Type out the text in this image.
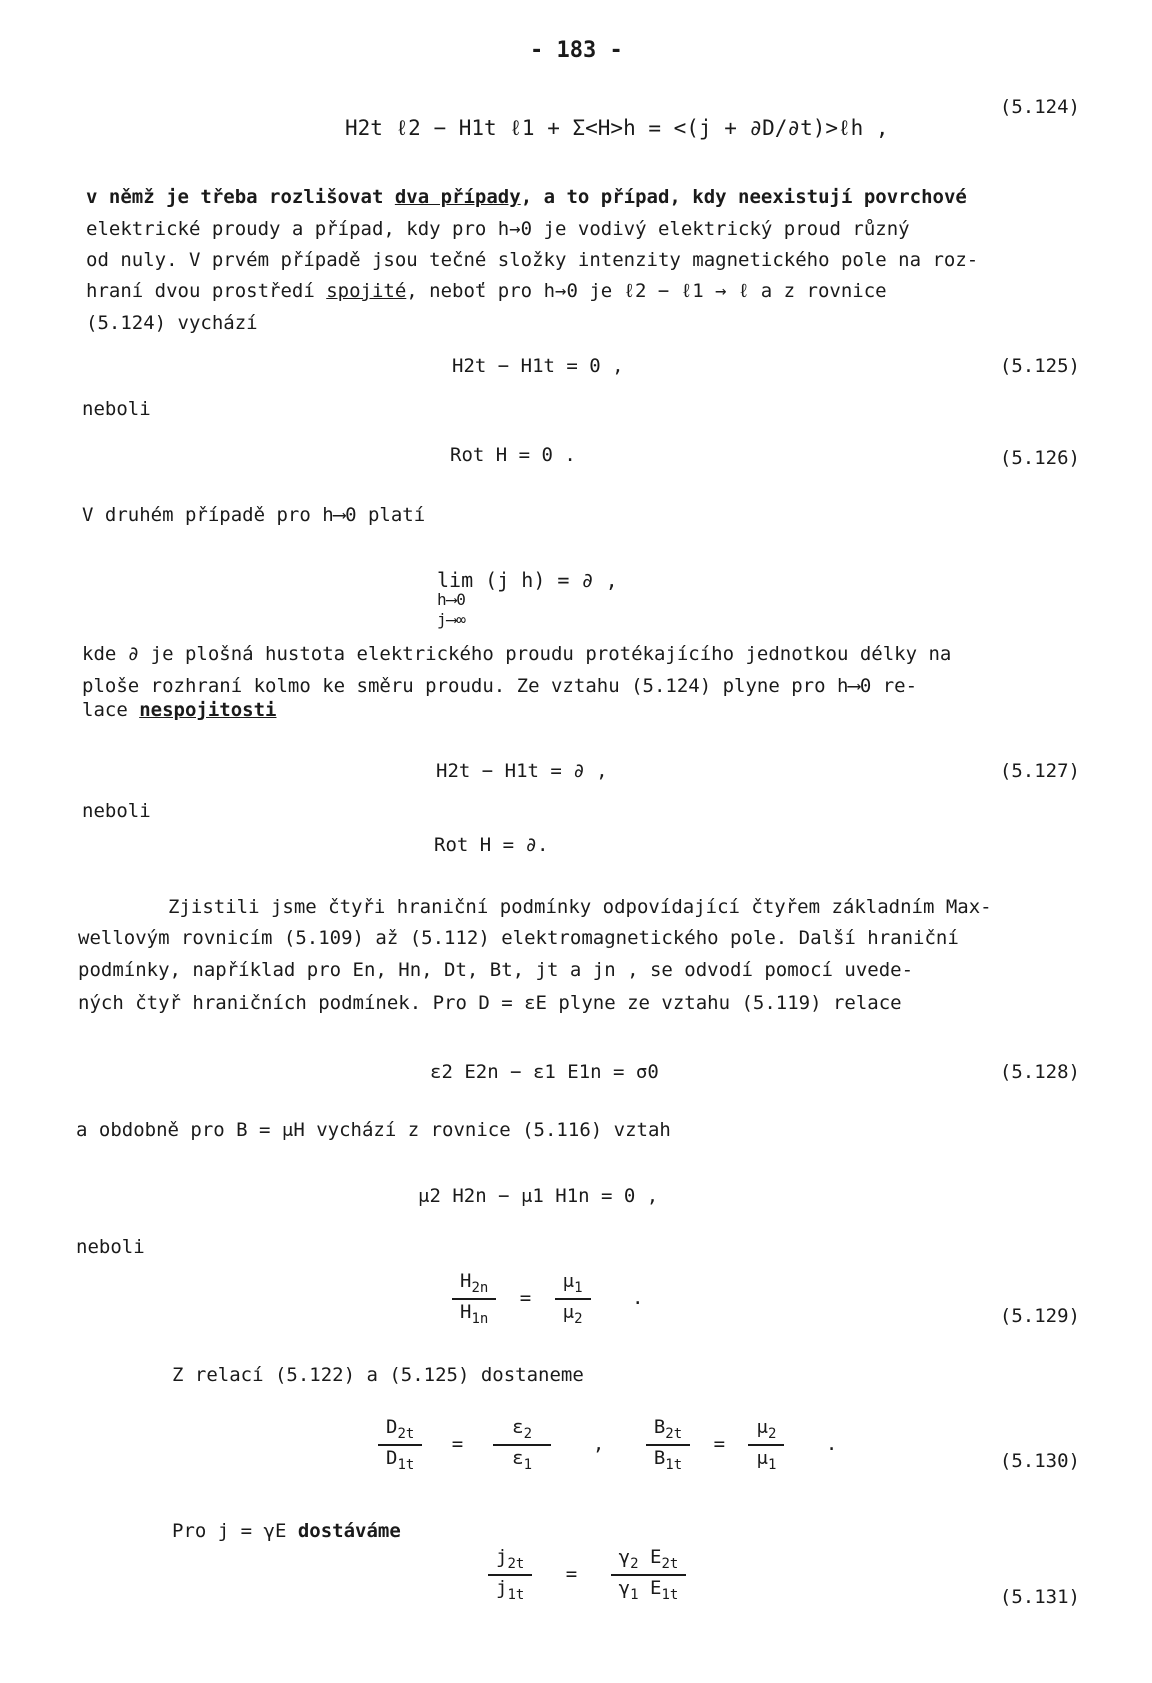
- 183 -
H2t ℓ2 − H1t ℓ1 + Σ<H>h = <(j + ∂D/∂t)>ℓh ,
(5.124)
v němž je třeba rozlišovat dva případy, a to případ, kdy neexistují povrchové
elektrické proudy a případ, kdy pro h→0 je vodivý elektrický proud různý
od nuly. V prvém případě jsou tečné složky intenzity magnetického pole na roz-
hraní dvou prostředí spojité, neboť pro h→0 je ℓ2 − ℓ1 → ℓ a z rovnice
(5.124) vychází
H2t − H1t = 0 ,	(5.125)
neboli
Rot H = 0 .	(5.126)
V druhém případě pro h⟶0 platí
lim (j h) = ∂ ,
h⟶0
j⟶∞
kde ∂ je plošná hustota elektrického proudu protékajícího jednotkou délky na
ploše rozhraní kolmo ke směru proudu. Ze vztahu (5.124) plyne pro h⟶0 re-
lace nespojitosti
H2t − H1t = ∂ ,	(5.127)
neboli
Rot H = ∂.
Zjistili jsme čtyři hraniční podmínky odpovídající čtyřem základním Max-
wellovým rovnicím (5.109) až (5.112) elektromagnetického pole. Další hraniční
podmínky, například pro En, Hn, Dt, Bt, jt a jn , se odvodí pomocí uvede-
ných čtyř hraničních podmínek. Pro D = εE plyne ze vztahu (5.119) relace
ε2 E2n − ε1 E1n = σ0	(5.128)
a obdobně pro B = μH vychází z rovnice (5.116) vztah
μ2 H2n − μ1 H1n = 0 ,
neboli
$\frac{H_{2n}}{H_{1n}} = \frac{\mu_1}{\mu_2}$ .
(5.129)
Z relací (5.122) a (5.125) dostaneme
$\frac{D_{2t}}{D_{1t}} = \frac{\varepsilon_2}{\varepsilon_1}$ , $\frac{B_{2t}}{B_{1t}} = \frac{\mu_2}{\mu_1}$ .
(5.130)
Pro j = γE dostáváme
$\frac{j_{2t}}{j_{1t}} = \frac{\gamma_2 E_{2t}}{\gamma_1 E_{1t}}$	(5.131)
